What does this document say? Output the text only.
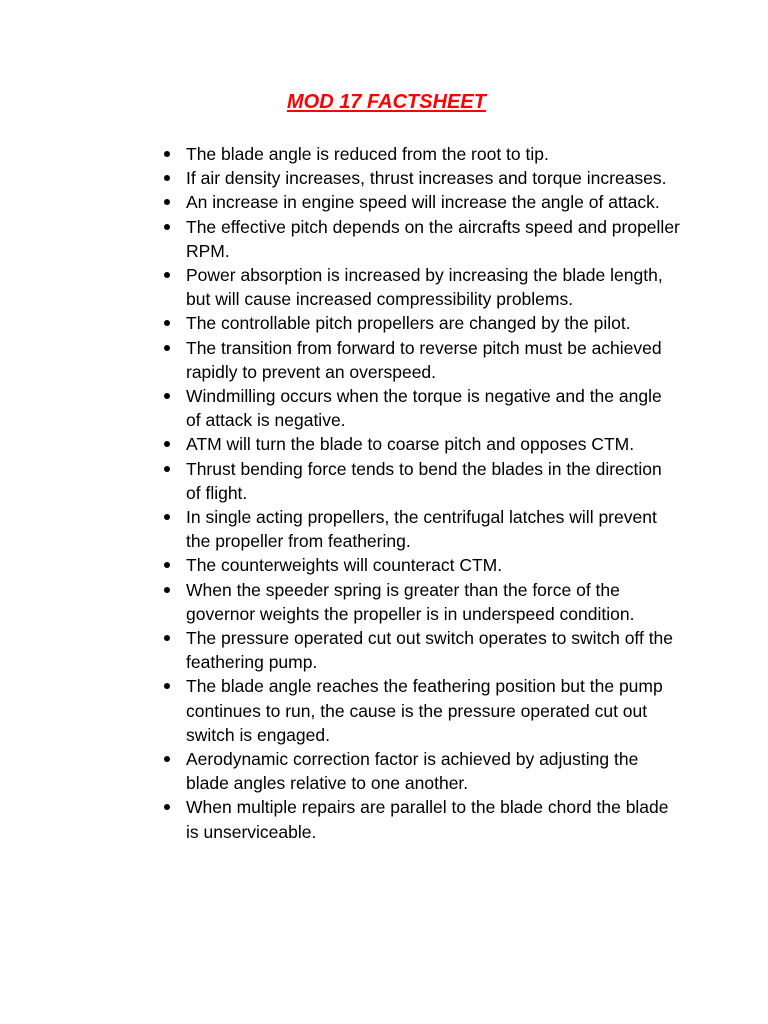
MOD 17 FACTSHEET
The blade angle is reduced from the root to tip.
If air density increases, thrust increases and torque increases.
An increase in engine speed will increase the angle of attack.
The effective pitch depends on the aircrafts speed and propeller RPM.
Power absorption is increased by increasing the blade length, but will cause increased compressibility problems.
The controllable pitch propellers are changed by the pilot.
The transition from forward to reverse pitch must be achieved rapidly to prevent an overspeed.
Windmilling occurs when the torque is negative and the angle of attack is negative.
ATM will turn the blade to coarse pitch and opposes CTM.
Thrust bending force tends to bend the blades in the direction of flight.
In single acting propellers, the centrifugal latches will prevent the propeller from feathering.
The counterweights will counteract CTM.
When the speeder spring is greater than the force of the governor weights the propeller is in underspeed condition.
The pressure operated cut out switch operates to switch off the feathering pump.
The blade angle reaches the feathering position but the pump continues to run, the cause is the pressure operated cut out switch is engaged.
Aerodynamic correction factor is achieved by adjusting the blade angles relative to one another.
When multiple repairs are parallel to the blade chord the blade is unserviceable.
